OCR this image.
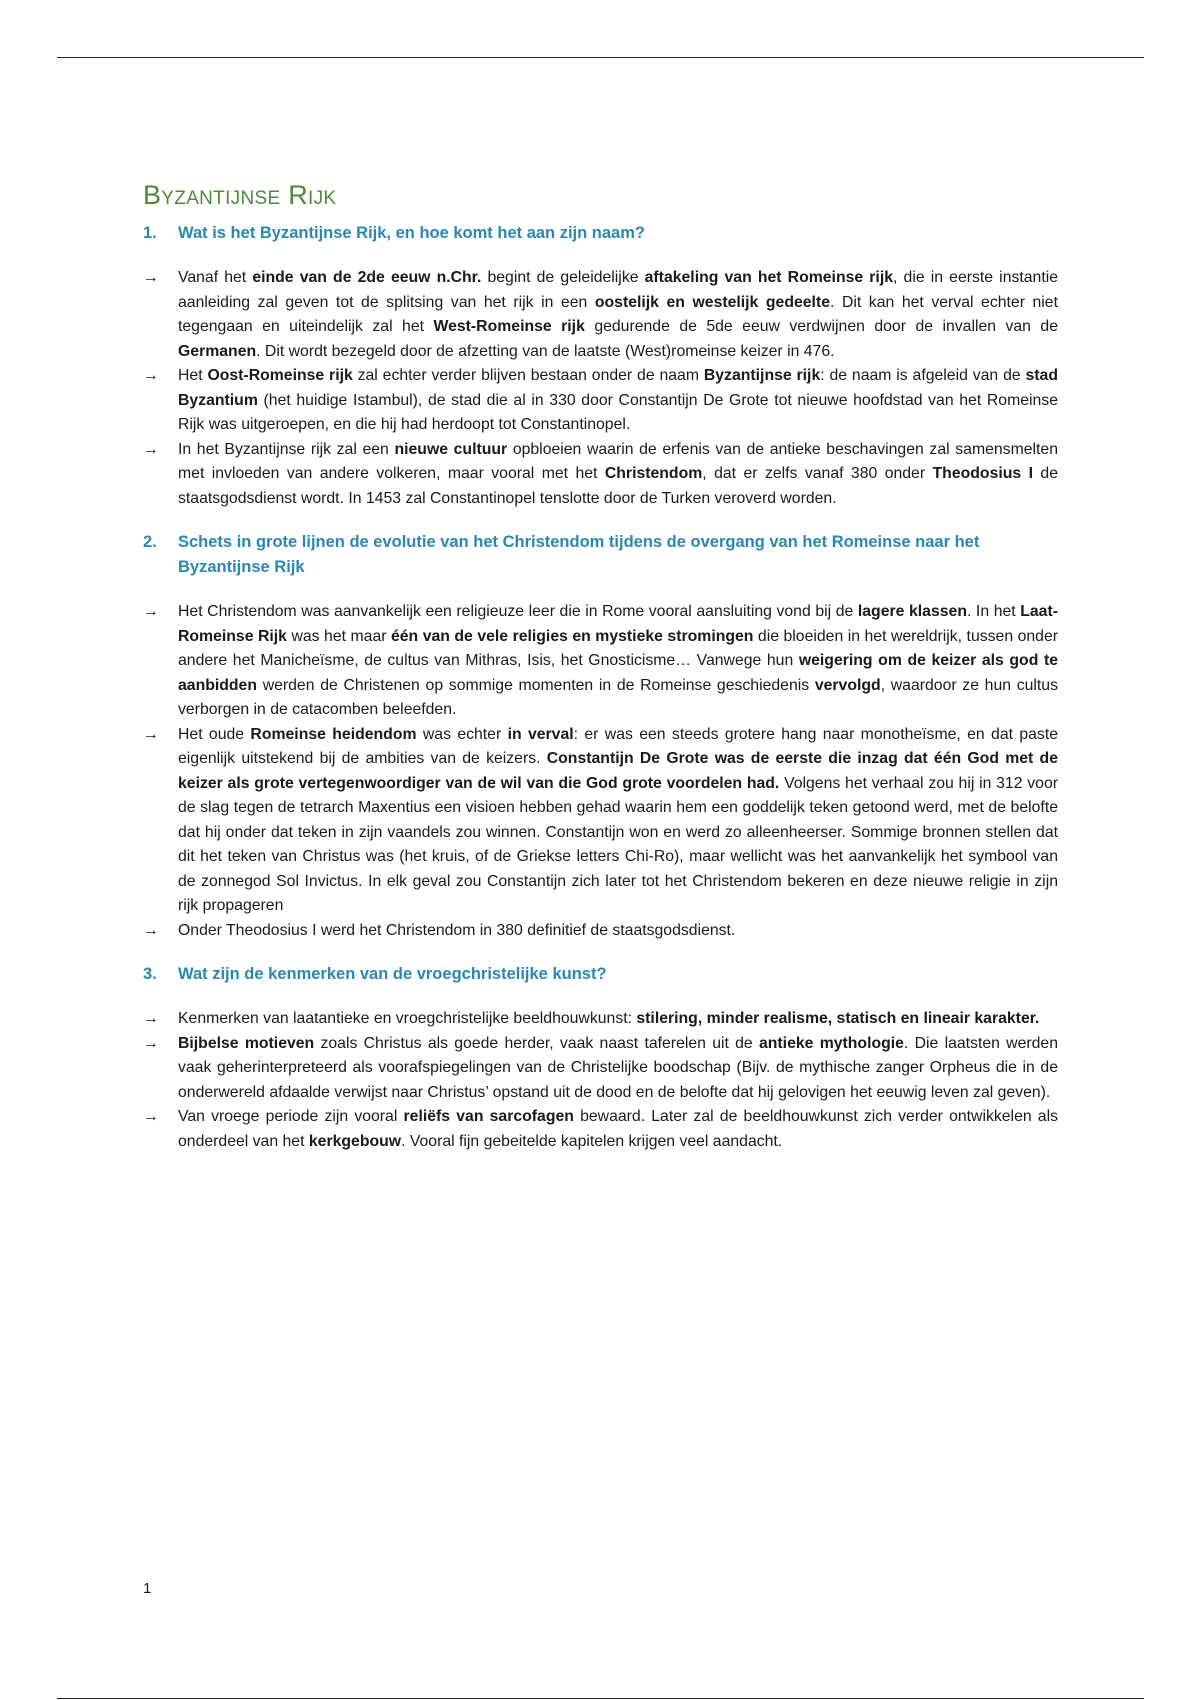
Byzantijnse Rijk
1.	Wat is het Byzantijnse Rijk, en hoe komt het aan zijn naam?
→	Vanaf het einde van de 2de eeuw n.Chr. begint de geleidelijke aftakeling van het Romeinse rijk, die in eerste instantie aanleiding zal geven tot de splitsing van het rijk in een oostelijk en westelijk gedeelte. Dit kan het verval echter niet tegengaan en uiteindelijk zal het West-Romeinse rijk gedurende de 5de eeuw verdwijnen door de invallen van de Germanen. Dit wordt bezegeld door de afzetting van de laatste (West)romeinse keizer in 476.
→	Het Oost-Romeinse rijk zal echter verder blijven bestaan onder de naam Byzantijnse rijk: de naam is afgeleid van de stad Byzantium (het huidige Istambul), de stad die al in 330 door Constantijn De Grote tot nieuwe hoofdstad van het Romeinse Rijk was uitgeroepen, en die hij had herdoopt tot Constantinopel.
→	In het Byzantijnse rijk zal een nieuwe cultuur opbloeien waarin de erfenis van de antieke beschavingen zal samensmelten met invloeden van andere volkeren, maar vooral met het Christendom, dat er zelfs vanaf 380 onder Theodosius I de staatsgodsdienst wordt. In 1453 zal Constantinopel tenslotte door de Turken veroverd worden.
2.	Schets in grote lijnen de evolutie van het Christendom tijdens de overgang van het Romeinse naar het Byzantijnse Rijk
→	Het Christendom was aanvankelijk een religieuze leer die in Rome vooral aansluiting vond bij de lagere klassen. In het Laat-Romeinse Rijk was het maar één van de vele religies en mystieke stromingen die bloeiden in het wereldrijk, tussen onder andere het Manicheïsme, de cultus van Mithras, Isis, het Gnosticisme… Vanwege hun weigering om de keizer als god te aanbidden werden de Christenen op sommige momenten in de Romeinse geschiedenis vervolgd, waardoor ze hun cultus verborgen in de catacomben beleefden.
→	Het oude Romeinse heidendom was echter in verval: er was een steeds grotere hang naar monotheïsme, en dat paste eigenlijk uitstekend bij de ambities van de keizers. Constantijn De Grote was de eerste die inzag dat één God met de keizer als grote vertegenwoordiger van de wil van die God grote voordelen had. Volgens het verhaal zou hij in 312 voor de slag tegen de tetrarch Maxentius een visioen hebben gehad waarin hem een goddelijk teken getoond werd, met de belofte dat hij onder dat teken in zijn vaandels zou winnen. Constantijn won en werd zo alleenheerser. Sommige bronnen stellen dat dit het teken van Christus was (het kruis, of de Griekse letters Chi-Ro), maar wellicht was het aanvankelijk het symbool van de zonnegod Sol Invictus. In elk geval zou Constantijn zich later tot het Christendom bekeren en deze nieuwe religie in zijn rijk propageren
→	Onder Theodosius I werd het Christendom in 380 definitief de staatsgodsdienst.
3.	Wat zijn de kenmerken van de vroegchristelijke kunst?
→	Kenmerken van laatantieke en vroegchristelijke beeldhouwkunst: stilering, minder realisme, statisch en lineair karakter.
→	Bijbelse motieven zoals Christus als goede herder, vaak naast taferelen uit de antieke mythologie. Die laatsten werden vaak geherinterpreteerd als voorafspiegelingen van de Christelijke boodschap (Bijv. de mythische zanger Orpheus die in de onderwereld afdaalde verwijst naar Christus’ opstand uit de dood en de belofte dat hij gelovigen het eeuwig leven zal geven).
→	Van vroege periode zijn vooral reliëfs van sarcofagen bewaard. Later zal de beeldhouwkunst zich verder ontwikkelen als onderdeel van het kerkgebouw. Vooral fijn gebeitelde kapitelen krijgen veel aandacht.
1
